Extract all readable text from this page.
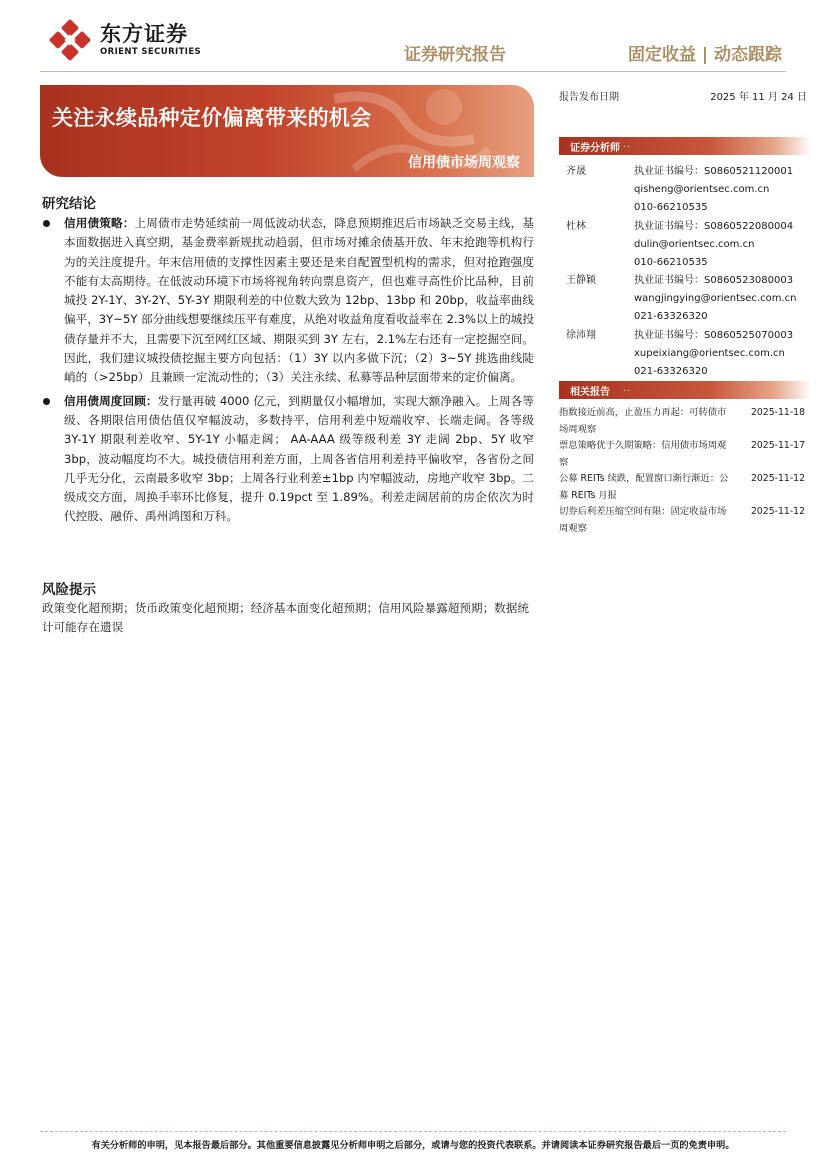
东方证券
ORIENT SECURITIES	证券研究报告	固定收益 | 动态跟踪
关注永续品种定价偏离带来的机会
信用债市场周观察
研究结论
信用债策略：上周债市走势延续前一周低波动状态，降息预期推迟后市场缺乏交易主线，基本面数据进入真空期，基金费率新规扰动趋弱，但市场对摊余债基开放、年末抢跑等机构行为的关注度提升。年末信用债的支撑性因素主要还是来自配置型机构的需求，但对抢跑强度不能有太高期待。在低波动环境下市场将视角转向票息资产，但也难寻高性价比品种，目前城投 2Y-1Y、3Y-2Y、5Y-3Y 期限利差的中位数大致为 12bp、13bp 和 20bp，收益率曲线偏平，3Y~5Y 部分曲线想要继续压平有难度，从绝对收益角度看收益率在 2.3%以上的城投债存量并不大，且需要下沉至网红区域、期限买到 3Y 左右，2.1%左右还有一定挖掘空间。因此，我们建议城投债挖掘主要方向包括：（1）3Y 以内多做下沉；（2）3~5Y 挑选曲线陡峭的（>25bp）且兼顾一定流动性的；（3）关注永续、私募等品种层面带来的定价偏离。
信用债周度回顾：发行量再破 4000 亿元，到期量仅小幅增加，实现大额净融入。上周各等级、各期限信用债估值仅窄幅波动，多数持平，信用利差中短端收窄、长端走阔。各等级 3Y-1Y 期限利差收窄、5Y-1Y 小幅走阔； AA-AAA 级等级利差 3Y 走阔 2bp、5Y 收窄 3bp，波动幅度均不大。城投债信用利差方面，上周各省信用利差持平偏收窄，各省份之间几乎无分化，云南最多收窄 3bp；上周各行业利差±1bp 内窄幅波动，房地产收窄 3bp。二级成交方面，周换手率环比修复，提升 0.19pct 至 1.89%。利差走阔居前的房企依次为时代控股、融侨、禹州鸿图和万科。
风险提示
政策变化超预期；货币政策变化超预期；经济基本面变化超预期；信用风险暴露超预期；数据统计可能存在遗误
报告发布日期	2025 年 11 月 24 日
证券分析师 ..
齐晟	执业证书编号：S0860521120001
qisheng@orientsec.com.cn
010-66210535
杜林	执业证书编号：S0860522080004
dulin@orientsec.com.cn
010-66210535
王静颖	执业证书编号：S0860523080003
wangjingying@orientsec.com.cn
021-63326320
徐沛翔	执业证书编号：S0860525070003
xupeixiang@orientsec.com.cn
021-63326320
相关报告 ..
指数接近前高，止盈压力再起：可转债市
场周观察
2025-11-18
票息策略优于久期策略：信用债市场周观
察
2025-11-17
公募 REITs 续跌，配置窗口渐行渐近：公
募 REITs 月报
2025-11-12
切券后利差压缩空间有限：固定收益市场
周观察
2025-11-12
有关分析师的申明，见本报告最后部分。其他重要信息披露见分析师申明之后部分，或请与您的投资代表联系。并请阅读本证券研究报告最后一页的免责申明。
